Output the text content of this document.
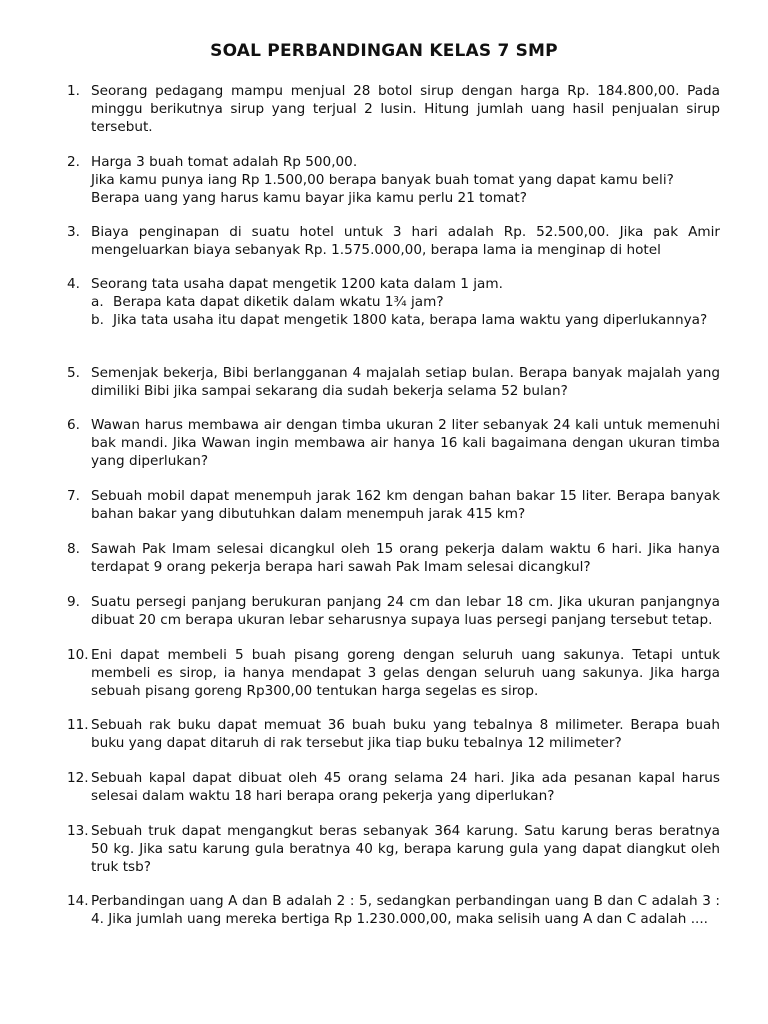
SOAL PERBANDINGAN KELAS 7 SMP
1. Seorang pedagang mampu menjual 28 botol sirup dengan harga Rp. 184.800,00. Pada minggu berikutnya sirup yang terjual 2 lusin. Hitung jumlah uang hasil penjualan sirup tersebut.
2. Harga 3 buah tomat adalah Rp 500,00.
Jika kamu punya iang Rp 1.500,00 berapa banyak buah tomat yang dapat kamu beli?
Berapa uang yang harus kamu bayar jika kamu perlu 21 tomat?
3. Biaya penginapan di suatu hotel untuk 3 hari adalah Rp. 52.500,00. Jika pak Amir mengeluarkan biaya sebanyak Rp. 1.575.000,00, berapa lama ia menginap di hotel
4. Seorang tata usaha dapat mengetik 1200 kata dalam 1 jam.
a. Berapa kata dapat diketik dalam wkatu 1¾ jam?
b. Jika tata usaha itu dapat mengetik 1800 kata, berapa lama waktu yang diperlukannya?
5. Semenjak bekerja, Bibi berlangganan 4 majalah setiap bulan. Berapa banyak majalah yang dimiliki Bibi jika sampai sekarang dia sudah bekerja selama 52 bulan?
6. Wawan harus membawa air dengan timba ukuran 2 liter sebanyak 24 kali untuk memenuhi bak mandi. Jika Wawan ingin membawa air hanya 16 kali bagaimana dengan ukuran timba yang diperlukan?
7. Sebuah mobil dapat menempuh jarak 162 km dengan bahan bakar 15 liter. Berapa banyak bahan bakar yang dibutuhkan dalam menempuh jarak 415 km?
8. Sawah Pak Imam selesai dicangkul oleh 15 orang pekerja dalam waktu 6 hari. Jika hanya terdapat 9 orang pekerja berapa hari sawah Pak Imam selesai dicangkul?
9. Suatu persegi panjang berukuran panjang 24 cm dan lebar 18 cm. Jika ukuran panjangnya dibuat 20 cm berapa ukuran lebar seharusnya supaya luas persegi panjang tersebut tetap.
10. Eni dapat membeli 5 buah pisang goreng dengan seluruh uang sakunya. Tetapi untuk membeli es sirop, ia hanya mendapat 3 gelas dengan seluruh uang sakunya. Jika harga sebuah pisang goreng Rp300,00 tentukan harga segelas es sirop.
11. Sebuah rak buku dapat memuat 36 buah buku yang tebalnya 8 milimeter. Berapa buah buku yang dapat ditaruh di rak tersebut jika tiap buku tebalnya 12 milimeter?
12. Sebuah kapal dapat dibuat oleh 45 orang selama 24 hari. Jika ada pesanan kapal harus selesai dalam waktu 18 hari berapa orang pekerja yang diperlukan?
13. Sebuah truk dapat mengangkut beras sebanyak 364 karung. Satu karung beras beratnya 50 kg. Jika satu karung gula beratnya 40 kg, berapa karung gula yang dapat diangkut oleh truk tsb?
14. Perbandingan uang A dan B adalah 2 : 5, sedangkan perbandingan uang B dan C adalah 3 : 4. Jika jumlah uang mereka bertiga Rp 1.230.000,00, maka selisih uang A dan C adalah ....
